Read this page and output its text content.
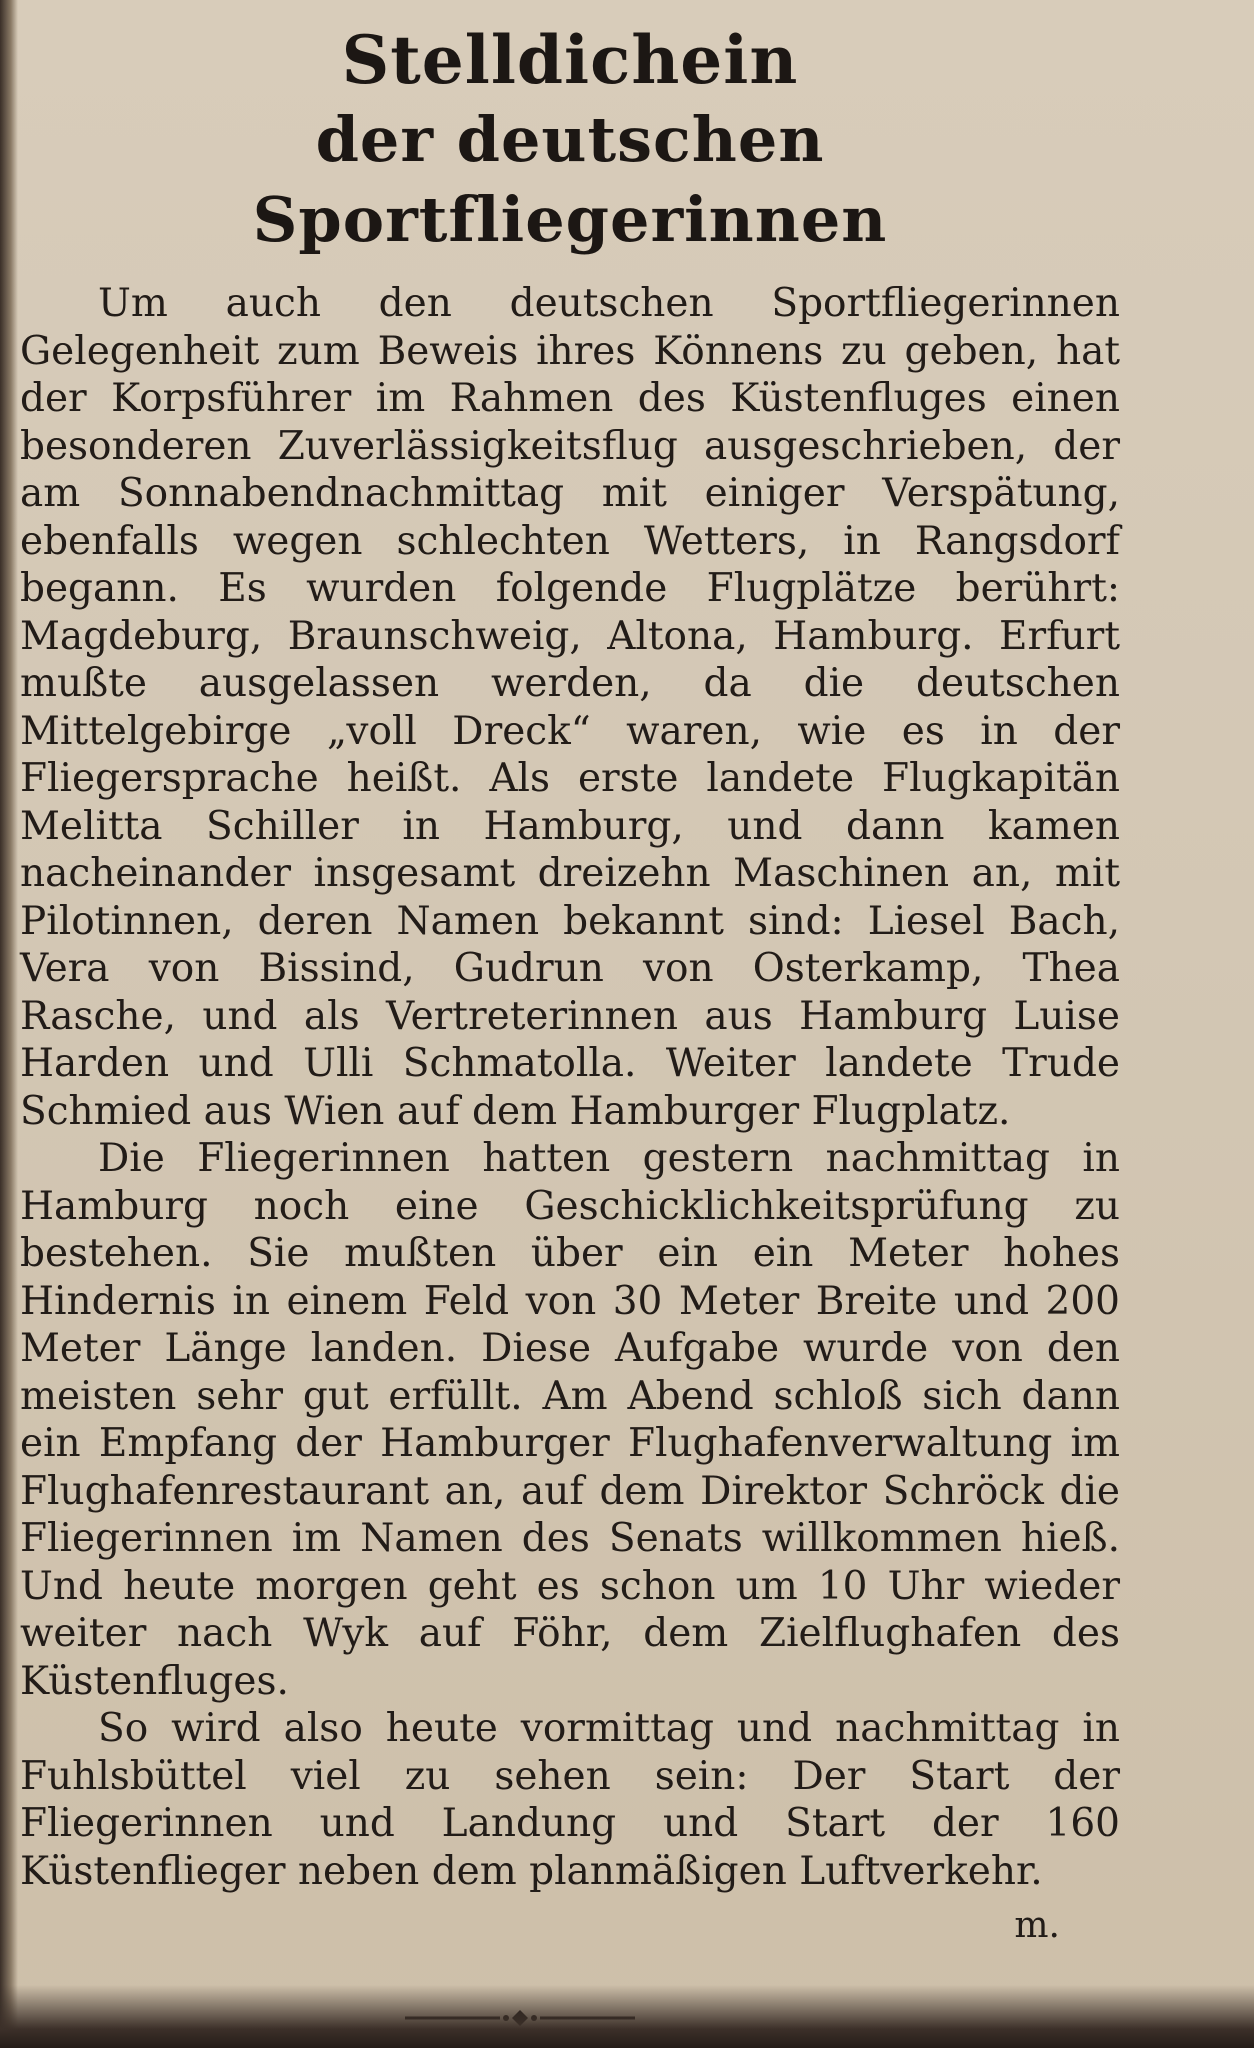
Stelldichein
der deutschen Sportfliegerinnen

Um auch den deutschen Sportfliegerinnen Gelegenheit zum Beweis ihres Könnens zu geben, hat der Korpsführer im Rahmen des Küstenfluges einen besonderen Zuverlässigkeitsflug ausgeschrieben, der am Sonnabendnachmittag mit einiger Verspätung, ebenfalls wegen schlechten Wetters, in Rangsdorf begann. Es wurden folgende Flugplätze berührt: Magdeburg, Braunschweig, Altona, Hamburg. Erfurt mußte ausgelassen werden, da die deutschen Mittelgebirge „voll Dreck“ waren, wie es in der Fliegersprache heißt. Als erste landete Flugkapitän Melitta Schiller in Hamburg, und dann kamen nacheinander insgesamt dreizehn Maschinen an, mit Pilotinnen, deren Namen bekannt sind: Liesel Bach, Vera von Bissind, Gudrun von Osterkamp, Thea Rasche, und als Vertreterinnen aus Hamburg Luise Harden und Ulli Schmatolla. Weiter landete Trude Schmied aus Wien auf dem Hamburger Flugplatz.

Die Fliegerinnen hatten gestern nachmittag in Hamburg noch eine Geschicklichkeitsprüfung zu bestehen. Sie mußten über ein ein Meter hohes Hindernis in einem Feld von 30 Meter Breite und 200 Meter Länge landen. Diese Aufgabe wurde von den meisten sehr gut erfüllt. Am Abend schloß sich dann ein Empfang der Hamburger Flughafenverwaltung im Flughafenrestaurant an, auf dem Direktor Schröck die Fliegerinnen im Namen des Senats willkommen hieß. Und heute morgen geht es schon um 10 Uhr wieder weiter nach Wyk auf Föhr, dem Zielflughafen des Küstenfluges.

So wird also heute vormittag und nachmittag in Fuhlsbüttel viel zu sehen sein: Der Start der Fliegerinnen und Landung und Start der 160 Küstenflieger neben dem planmäßigen Luftverkehr.

m.
